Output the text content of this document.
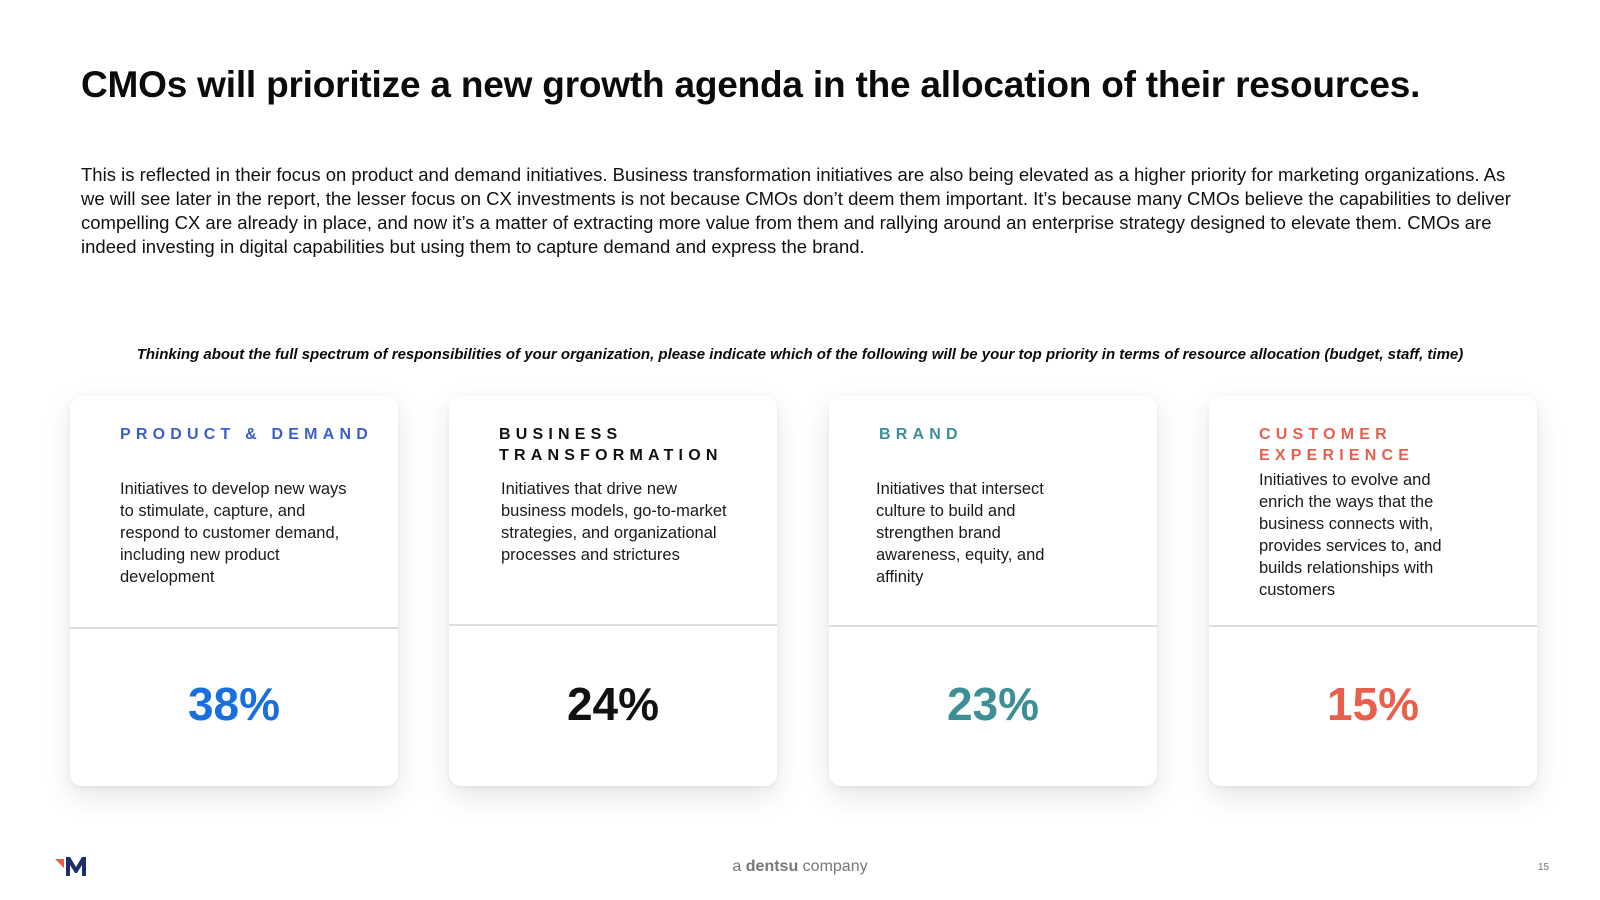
CMOs will prioritize a new growth agenda in the allocation of their resources.

This is reflected in their focus on product and demand initiatives. Business transformation initiatives are also being elevated as a higher priority for marketing organizations. As we will see later in the report, the lesser focus on CX investments is not because CMOs don’t deem them important. It’s because many CMOs believe the capabilities to deliver compelling CX are already in place, and now it’s a matter of extracting more value from them and rallying around an enterprise strategy designed to elevate them. CMOs are indeed investing in digital capabilities but using them to capture demand and express the brand.

Thinking about the full spectrum of responsibilities of your organization, please indicate which of the following will be your top priority in terms of resource allocation (budget, staff, time)
PRODUCT & DEMAND

Initiatives to develop new ways to stimulate, capture, and respond to customer demand, including new product development

38%
BUSINESS TRANSFORMATION

Initiatives that drive new business models, go-to-market strategies, and organizational processes and strictures

24%
BRAND

Initiatives that intersect culture to build and strengthen brand awareness, equity, and affinity

23%
CUSTOMER EXPERIENCE

Initiatives to evolve and enrich the ways that the business connects with, provides services to, and builds relationships with customers

15%
a dentsu company	15
